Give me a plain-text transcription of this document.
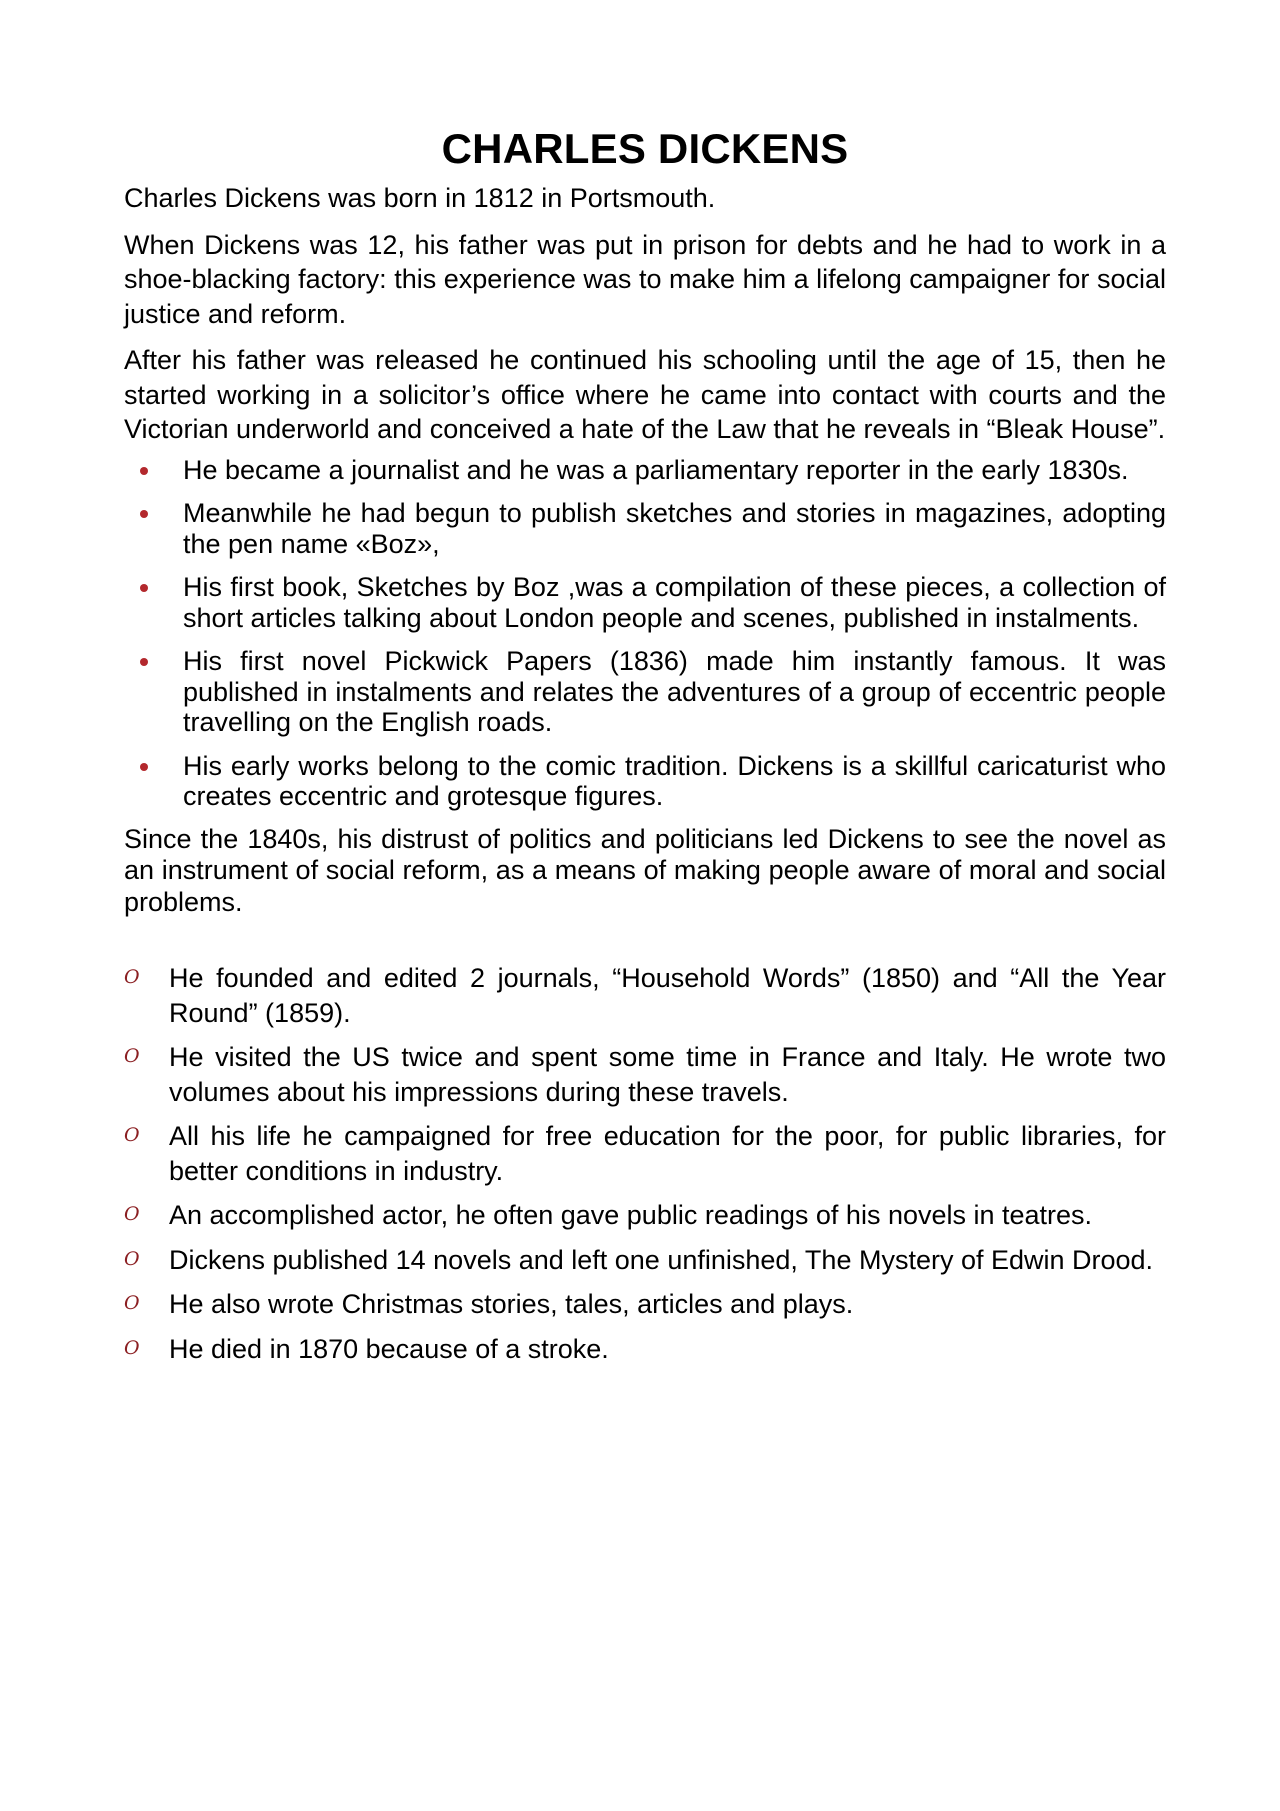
CHARLES DICKENS

Charles Dickens was born in 1812 in Portsmouth.

When Dickens was 12, his father was put in prison for debts and he had to work in a shoe-blacking factory: this experience was to make him a lifelong campaigner for social justice and reform.

After his father was released he continued his schooling until the age of 15, then he started working in a solicitor’s office where he came into contact with courts and the Victorian underworld and conceived a hate of the Law that he reveals in “Bleak House”.

He became a journalist and he was a parliamentary reporter in the early 1830s.
Meanwhile he had begun to publish sketches and stories in magazines, adopting the pen name «Boz»,
His first book, Sketches by Boz ,was a compilation of these pieces, a collection of short articles talking about London people and scenes, published in instalments.
His first novel Pickwick Papers (1836) made him instantly famous. It was published in instalments and relates the adventures of a group of eccentric people travelling on the English roads.
His early works belong to the comic tradition. Dickens is a skillful caricaturist who creates eccentric and grotesque figures.

Since the 1840s, his distrust of politics and politicians led Dickens to see the novel as an instrument of social reform, as a means of making people aware of moral and social problems.

O He founded and edited 2 journals, “Household Words” (1850) and “All the Year Round” (1859).
O He visited the US twice and spent some time in France and Italy. He wrote two volumes about his impressions during these travels.
O All his life he campaigned for free education for the poor, for public libraries, for better conditions in industry.
O An accomplished actor, he often gave public readings of his novels in teatres.
O Dickens published 14 novels and left one unfinished, The Mystery of Edwin Drood.
O He also wrote Christmas stories, tales, articles and plays.
O He died in 1870 because of a stroke.
